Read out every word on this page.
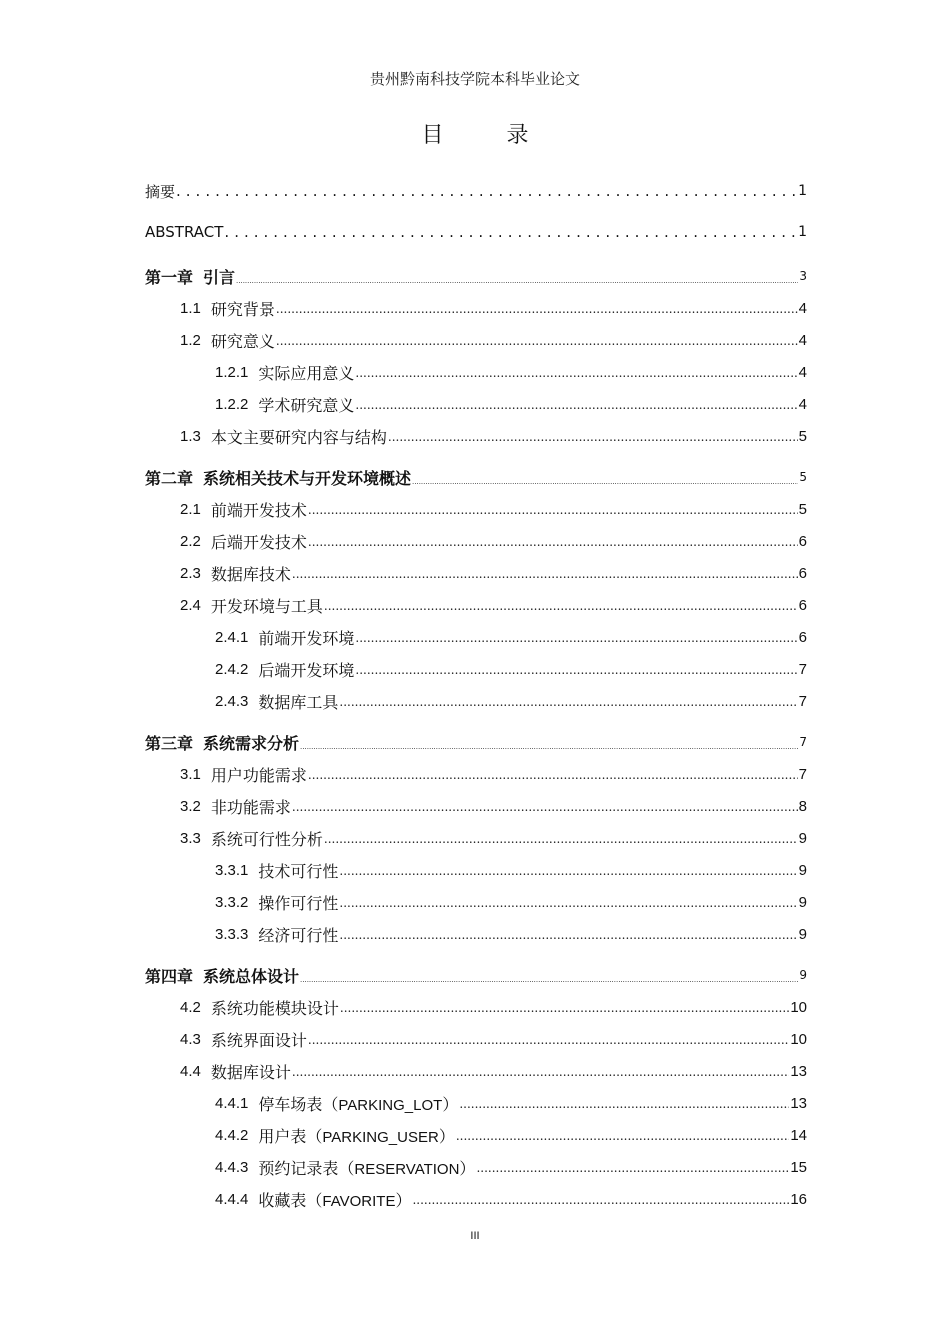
贵州黔南科技学院本科毕业论文
目 录
摘要 .....	1
ABSTRACT .....	1
第一章 引言 .....	3
1.1 研究背景 .....	4
1.2 研究意义 .....	4
1.2.1 实际应用意义 .....	4
1.2.2 学术研究意义 .....	4
1.3 本文主要研究内容与结构 .....	5
第二章 系统相关技术与开发环境概述 .....	5
2.1 前端开发技术 .....	5
2.2 后端开发技术 .....	6
2.3 数据库技术 .....	6
2.4 开发环境与工具 .....	6
2.4.1 前端开发环境 .....	6
2.4.2 后端开发环境 .....	7
2.4.3 数据库工具 .....	7
第三章 系统需求分析 .....	7
3.1 用户功能需求 .....	7
3.2 非功能需求 .....	8
3.3 系统可行性分析 .....	9
3.3.1 技术可行性 .....	9
3.3.2 操作可行性 .....	9
3.3.3 经济可行性 .....	9
第四章 系统总体设计 .....	9
4.2 系统功能模块设计 .....	10
4.3 系统界面设计 .....	10
4.4 数据库设计 .....	13
4.4.1 停车场表（PARKING_LOT） .....	13
4.4.2 用户表（PARKING_USER） .....	14
4.4.3 预约记录表（RESERVATION） .....	15
4.4.4 收藏表（FAVORITE） .....	16
III
